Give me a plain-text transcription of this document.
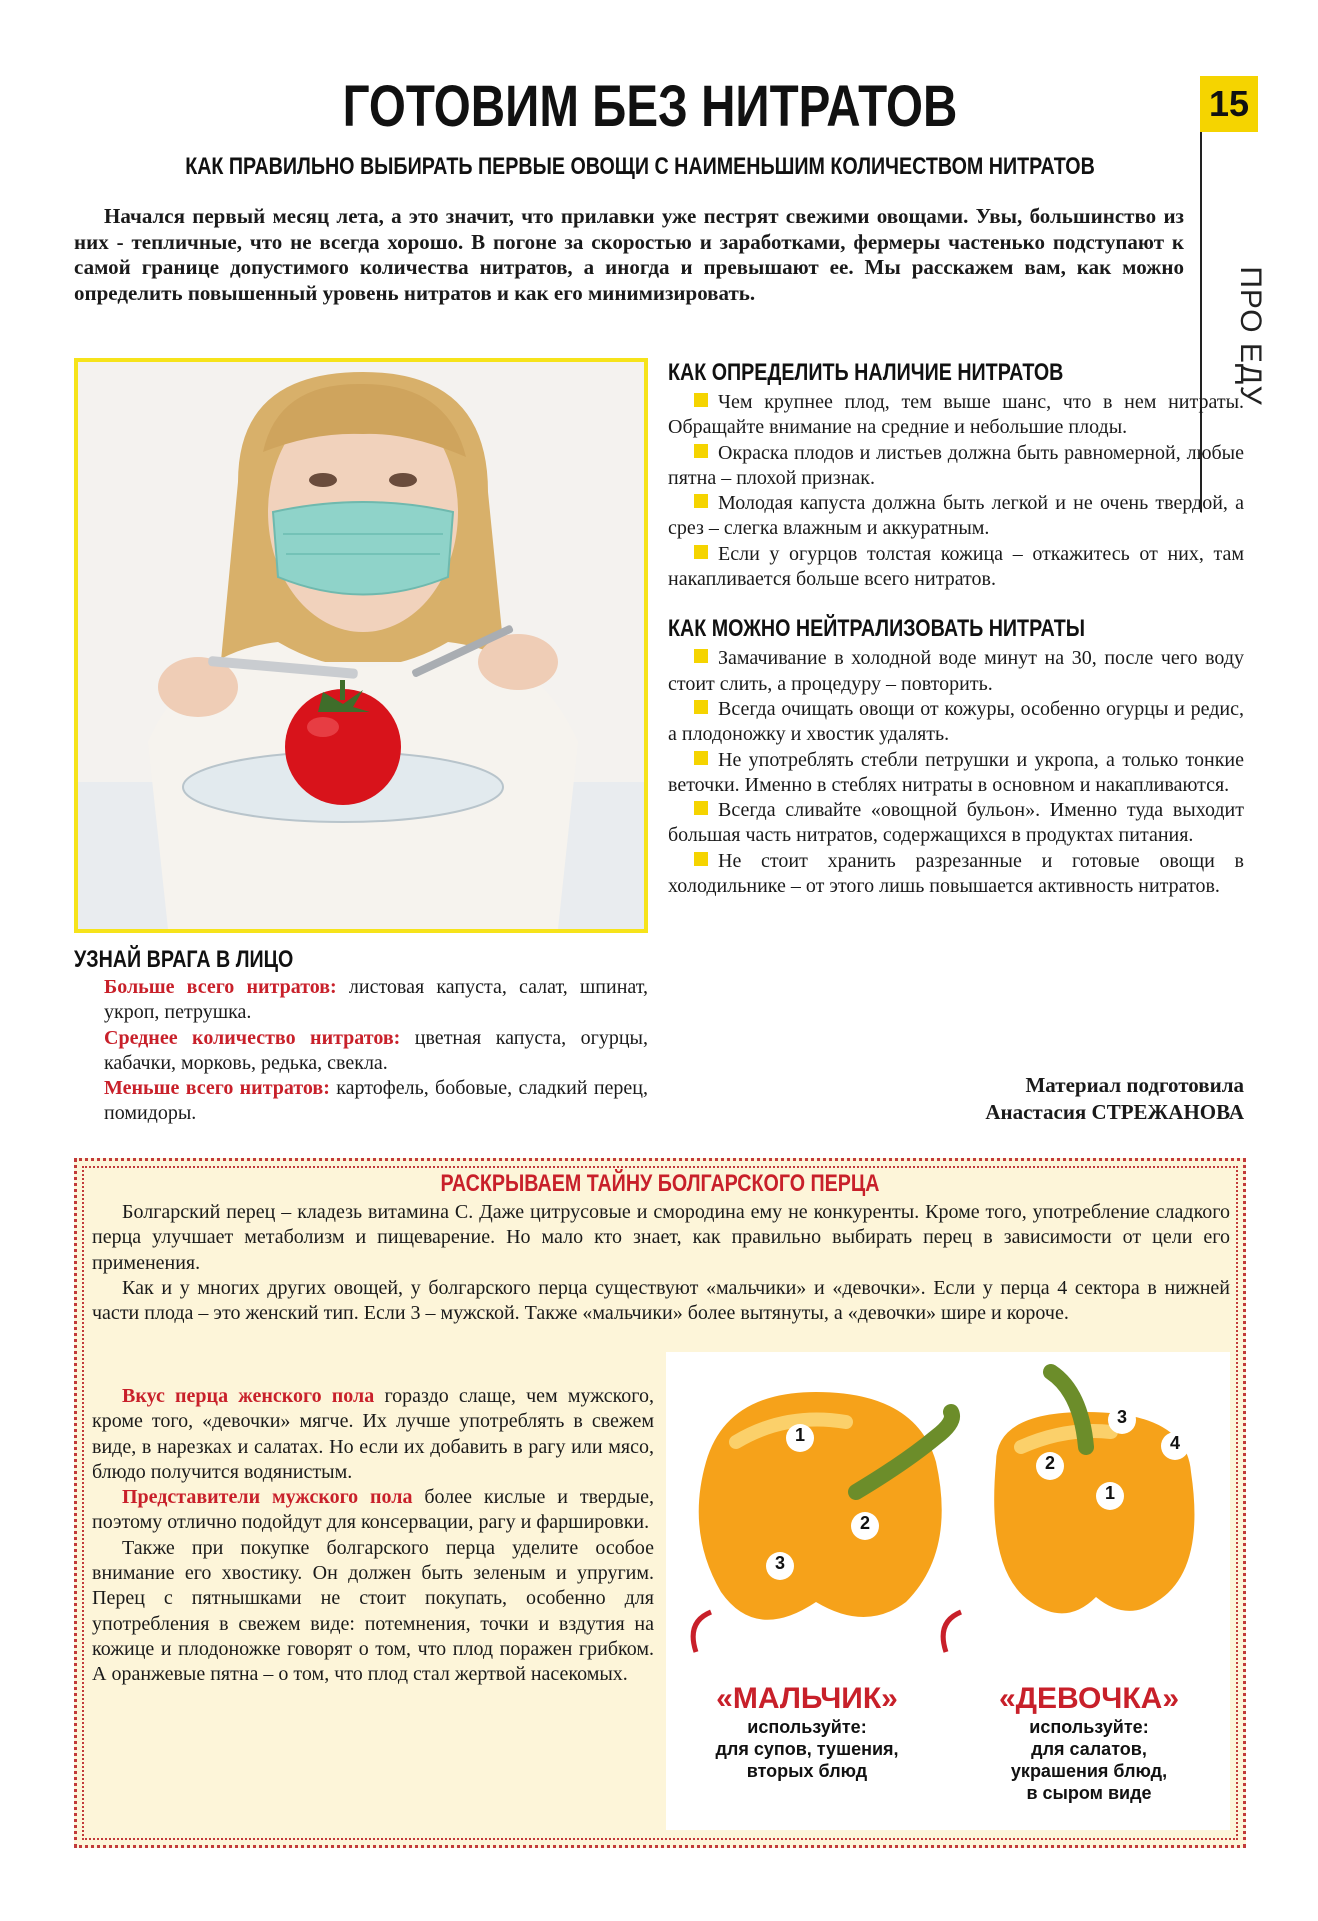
15
ПРО ЕДУ
ГОТОВИМ БЕЗ НИТРАТОВ
КАК ПРАВИЛЬНО ВЫБИРАТЬ ПЕРВЫЕ ОВОЩИ С НАИМЕНЬШИМ КОЛИЧЕСТВОМ НИТРАТОВ

Начался первый месяц лета, а это значит, что прилавки уже пестрят свежими овощами. Увы, большинство из них - тепличные, что не всегда хорошо. В погоне за скоростью и заработками, фермеры частенько подступают к самой границе допустимого количества нитратов, а иногда и превышают ее. Мы расскажем вам, как можно определить повышенный уровень нитратов и как его минимизировать.

КАК ОПРЕДЕЛИТЬ НАЛИЧИЕ НИТРАТОВ

Чем крупнее плод, тем выше шанс, что в нем нитраты. Обращайте внимание на средние и небольшие плоды.

Окраска плодов и листьев должна быть равномерной, любые пятна – плохой признак.

Молодая капуста должна быть легкой и не очень твердой, а срез – слегка влажным и аккуратным.

Если у огурцов толстая кожица – откажитесь от них, там накапливается больше всего нитратов.

КАК МОЖНО НЕЙТРАЛИЗОВАТЬ НИТРАТЫ

Замачивание в холодной воде минут на 30, после чего воду стоит слить, а процедуру – повторить.

Всегда очищать овощи от кожуры, особенно огурцы и редис, а плодоножку и хвостик удалять.

Не употреблять стебли петрушки и укропа, а только тонкие веточки. Именно в стеблях нитраты в основном и накапливаются.

Всегда сливайте «овощной бульон». Именно туда выходит большая часть нитратов, содержащихся в продуктах питания.

Не стоит хранить разрезанные и готовые овощи в холодильнике – от этого лишь повышается активность нитратов.

УЗНАЙ ВРАГА В ЛИЦО

Больше всего нитратов: листовая капуста, салат, шпинат, укроп, петрушка.

Среднее количество нитратов: цветная капуста, огурцы, кабачки, морковь, редька, свекла.

Меньше всего нитратов: картофель, бобовые, сладкий перец, помидоры.

Материал подготовила
Анастасия СТРЕЖАНОВА
РАСКРЫВАЕМ ТАЙНУ БОЛГАРСКОГО ПЕРЦА

Болгарский перец – кладезь витамина С. Даже цитрусовые и смородина ему не конкуренты. Кроме того, употребление сладкого перца улучшает метаболизм и пищеварение. Но мало кто знает, как правильно выбирать перец в зависимости от цели его применения.

Как и у многих других овощей, у болгарского перца существуют «мальчики» и «девочки». Если у перца 4 сектора в нижней части плода – это женский тип. Если 3 – мужской. Также «мальчики» более вытянуты, а «девочки» шире и короче.

Вкус перца женского пола гораздо слаще, чем мужского, кроме того, «девочки» мягче. Их лучше употреблять в свежем виде, в нарезках и салатах. Но если их добавить в рагу или мясо, блюдо получится водянистым.

Представители мужского пола более кислые и твердые, поэтому отлично подойдут для консервации, рагу и фаршировки.

Также при покупке болгарского перца уделите особое внимание его хвостику. Он должен быть зеленым и упругим. Перец с пятнышками не стоит покупать, особенно для употребления в свежем виде: потемнения, точки и вздутия на кожице и плодоножке говорят о том, что плод поражен грибком. А оранжевые пятна – о том, что плод стал жертвой насекомых.

1
2
3
1
2
3
4
«МАЛЬЧИК»
используйте:
для супов, тушения,
вторых блюд
«ДЕВОЧКА»
используйте:
для салатов,
украшения блюд,
в сыром виде
